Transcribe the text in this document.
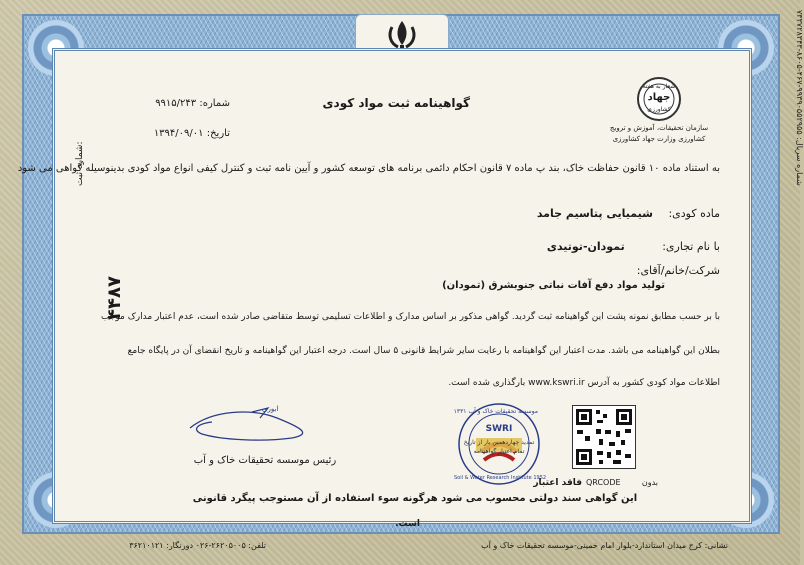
گواهینامه ثبت مواد کودی
شماره: ۹۹۱۵/۲۴۳
تاریخ: ۱۳۹۴/۰۹/۰۱
شعار به هفته
جهاد
کشاورزی
سازمان تحقیقات، آموزش و ترویج
کشاورزی وزارت جهاد کشاورزی
به استناد ماده ۱۰ قانون حفاظت خاک، بند پ ماده ۷ قانون احکام دائمی برنامه های توسعه کشور و آیین نامه ثبت و کنترل کیفی انواع مواد کودی بدینوسیله گواهی می شود
ماده کودی: شیمیایی پتاسیم جامد
با نام تجاری: تمودان-توتیدی
شرکت/خانم/آقای:
تولید مواد دفع آفات نباتی جنوبشرق (تمودان)
با بر حسب مطابق نمونه پشت این گواهینامه ثبت گردید. گواهی مذکور بر اساس مدارک و اطلاعات تسلیمی توسط متقاضی صادر شده است، عدم اعتبار مدارک موجب
بطلان این گواهینامه می باشد. مدت اعتبار این گواهینامه با رعایت سایر شرایط قانونی ۵ سال است. درجه اعتبار این گواهینامه و تاریخ انقضای آن در پایگاه جامع
اطلاعات مواد کودی کشور به آدرس www.kswri.ir بارگذاری شده است.
شماره ثبت:
۴۴۸۷
ابوری
رئیس موسسه تحقیقات خاک و آب
SWRI
موسسه تحقیقات خاک و آب ۱۳۳۱
تمدید چهاردهمین بار از تاریخ
تمام اعتبار گواهینامه
Soil & Water Research Institute 1952	QRCODE
فاقد اعتبار	بدون
این گواهی سند دولتی محسوب می شود هرگونه سوء استفاده از آن مستوجب پیگرد قانونی
است.
نشانی: کرج میدان استاندارد-بلوار امام خمینی-موسسه تحقیقات خاک و آب
تلفن: ۲۶۲۰۵۰۰۵-۰۲۶ دورنگار: ۳۶۲۱۰۱۲۱
شماره سریال: ۹۹۳۹۰۵۵۲۹۵۵-۴۶۷-۸۶۰۵-۷۳۳۷۲۸۳۴۳
